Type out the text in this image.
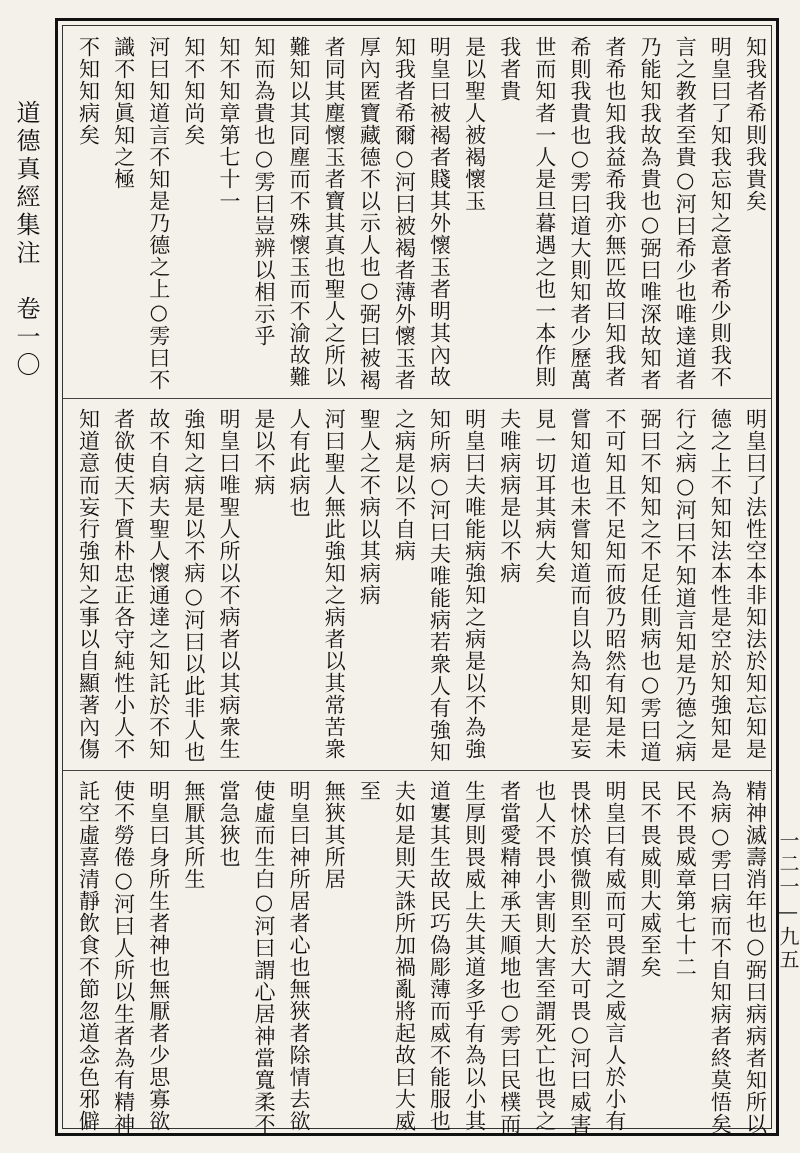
道德真經集注　卷一〇
一二一—九五
知我者希則我貴矣
明皇曰了知我忘知之意者希少則我不
言之教者至貴○河曰希少也唯達道者
乃能知我故為貴也○弼曰唯深故知者
者希也知我益希我亦無匹故曰知我者
希則我貴也○雱曰道大則知者少歷萬
世而知者一人是旦暮遇之也一本作則
我者貴
是以聖人被褐懷玉
明皇曰被褐者賤其外懷玉者明其內故
知我者希爾○河曰被褐者薄外懷玉者
厚內匿寶藏德不以示人也○弼曰被褐
者同其塵懷玉者寶其真也聖人之所以
難知以其同塵而不殊懷玉而不渝故難
知而為貴也○雱曰豈辨以相示乎
知不知章第七十一
知不知尚矣
河曰知道言不知是乃德之上○雱曰不
識不知眞知之極
不知知病矣
明皇曰了法性空本非知法於知忘知是
德之上不知知法本性是空於知強知是
行之病○河曰不知道言知是乃德之病
弼曰不知知之不足任則病也○雱曰道
不可知且不足知而彼乃昭然有知是未
嘗知道也未嘗知道而自以為知則是妄
見一切耳其病大矣
夫唯病病是以不病
明皇曰夫唯能病強知之病是以不為強
知所病○河曰夫唯能病若衆人有強知
之病是以不自病
聖人之不病以其病病
河曰聖人無此強知之病者以其常苦衆
人有此病也
是以不病
明皇曰唯聖人所以不病者以其病衆生
強知之病是以不病○河曰以此非人也
故不自病夫聖人懷通達之知託於不知
者欲使天下質朴忠正各守純性小人不
知道意而妄行強知之事以自顯著內傷
精神滅壽消年也○弼曰病病者知所以
為病○雱曰病而不自知病者終莫悟矣
民不畏威章第七十二
民不畏威則大威至矣
明皇曰有威而可畏謂之威言人於小有
畏怵於慎微則至於大可畏○河曰威害
也人不畏小害則大害至謂死亡也畏之
者當愛精神承天順地也○雱曰民樸而
生厚則畏威上失其道多乎有為以小其
道寠其生故民巧偽彫薄而威不能服也
夫如是則天誅所加禍亂將起故曰大威
至
無狹其所居
明皇曰神所居者心也無狹者除情去欲
使虛而生白○河曰謂心居神當寬柔不
當急狹也
無厭其所生
明皇曰身所生者神也無厭者少思寡欲
使不勞倦○河曰人所以生者為有精神
託空虛喜清靜飲食不節忽道念色邪僻
